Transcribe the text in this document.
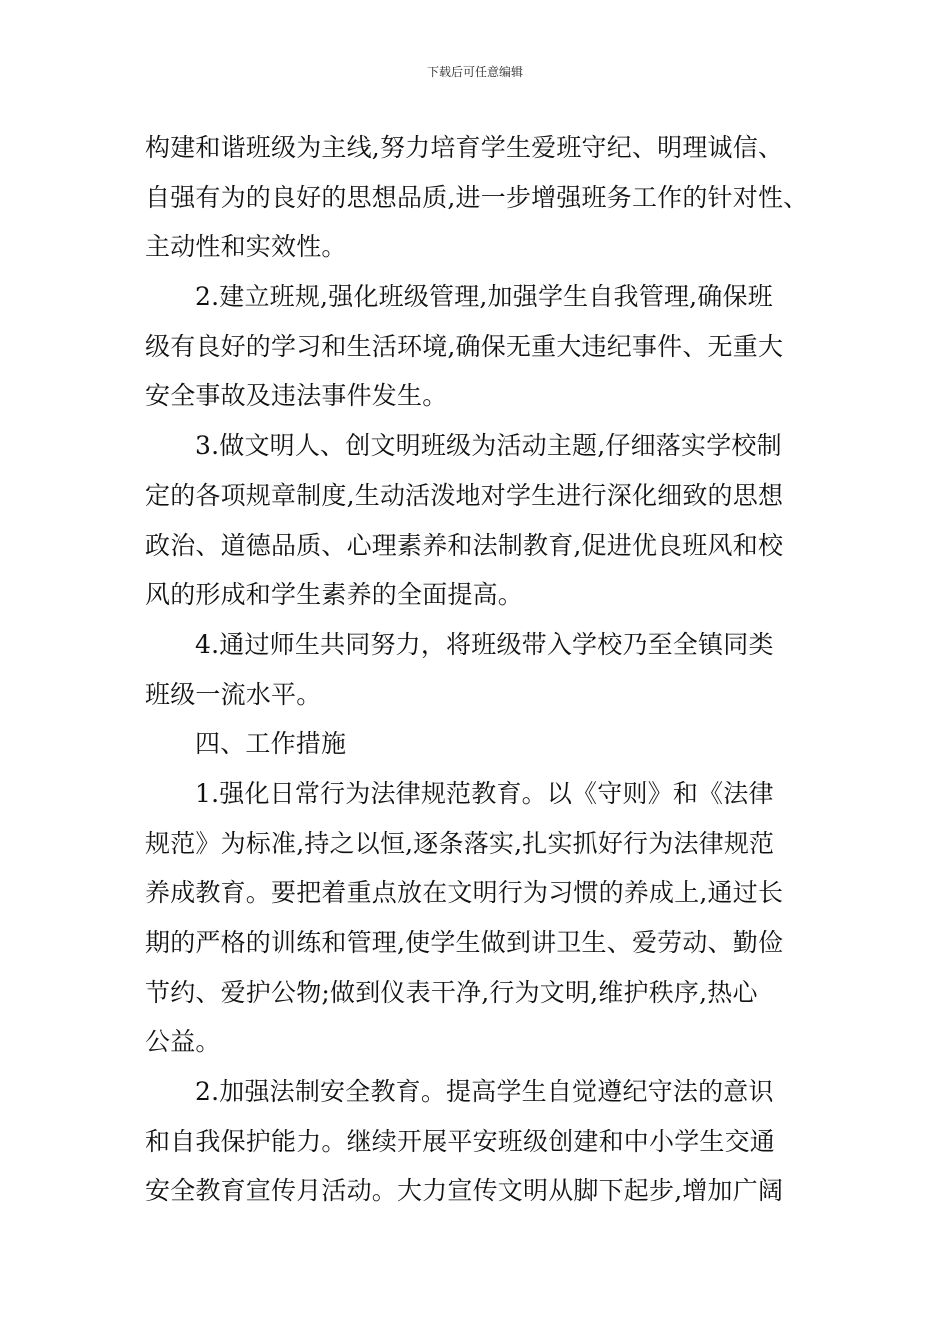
下载后可任意编辑
构建和谐班级为主线,努力培育学生爱班守纪、明理诚信、
自强有为的良好的思想品质,进一步增强班务工作的针对性、
主动性和实效性。
2.建立班规,强化班级管理,加强学生自我管理,确保班
级有良好的学习和生活环境,确保无重大违纪事件、无重大
安全事故及违法事件发生。
3.做文明人、创文明班级为活动主题,仔细落实学校制
定的各项规章制度,生动活泼地对学生进行深化细致的思想
政治、道德品质、心理素养和法制教育,促进优良班风和校
风的形成和学生素养的全面提高。
4.通过师生共同努力，将班级带入学校乃至全镇同类
班级一流水平。
四、工作措施
1.强化日常行为法律规范教育。以《守则》和《法律
规范》为标准,持之以恒,逐条落实,扎实抓好行为法律规范
养成教育。要把着重点放在文明行为习惯的养成上,通过长
期的严格的训练和管理,使学生做到讲卫生、爱劳动、勤俭
节约、爱护公物;做到仪表干净,行为文明,维护秩序,热心
公益。
2.加强法制安全教育。提高学生自觉遵纪守法的意识
和自我保护能力。继续开展平安班级创建和中小学生交通
安全教育宣传月活动。大力宣传文明从脚下起步,增加广阔
